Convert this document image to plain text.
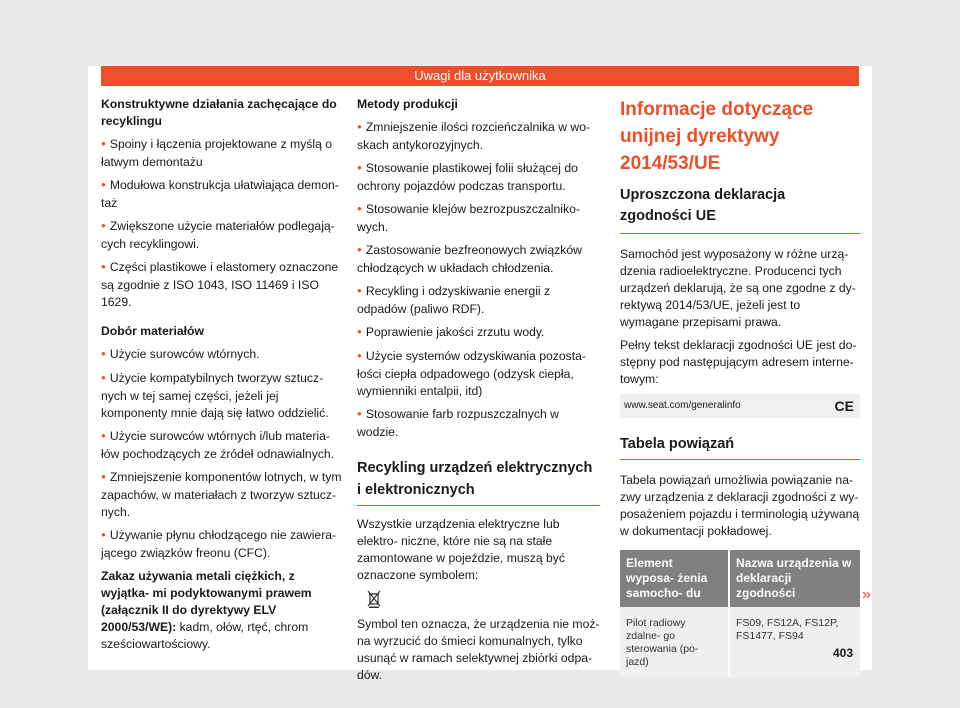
Uwagi dla użytkownika

Konstruktywne działania zachęcające do recyklingu

● Spoiny i łączenia projektowane z myślą o łatwym demontażu

● Modułowa konstrukcja ułatwiająca demon- taż

● Zwiększone użycie materiałów podlegają- cych recyklingowi.

● Części plastikowe i elastomery oznaczone są zgodnie z ISO 1043, ISO 11469 i ISO 1629.

Dobór materiałów

● Użycie surowców wtórnych.

● Użycie kompatybilnych tworzyw sztucz- nych w tej samej części, jeżeli jej komponenty mnie dają się łatwo oddzielić.

● Użycie surowców wtórnych i/lub materia- łów pochodzących ze źródeł odnawialnych.

● Zmniejszenie komponentów lotnych, w tym zapachów, w materiałach z tworzyw sztucz- nych.

● Używanie płynu chłodzącego nie zawiera- jącego związków freonu (CFC).

Zakaz używania metali ciężkich, z wyjątka- mi podyktowanymi prawem (załącznik II do dyrektywy ELV 2000/53/WE): kadm, ołów, rtęć, chrom sześciowartościowy.

Metody produkcji

● Zmniejszenie ilości rozcieńczalnika w wo- skach antykorozyjnych.

● Stosowanie plastikowej folii służącej do ochrony pojazdów podczas transportu.

● Stosowanie klejów bezrozpuszczalniko- wych.

● Zastosowanie bezfreonowych związków chłodzących w układach chłodzenia.

● Recykling i odzyskiwanie energii z odpadów (paliwo RDF).

● Poprawienie jakości zrzutu wody.

● Użycie systemów odzyskiwania pozosta- łości ciepła odpadowego (odzysk ciepła, wymienniki entalpii, itd)

● Stosowanie farb rozpuszczalnych w wodzie.

Recykling urządzeń elektrycznych i elektronicznych

Wszystkie urządzenia elektryczne lub elektro- niczne, które nie są na stałe zamontowane w pojeździe, muszą być oznaczone symbolem:

Symbol ten oznacza, że urządzenia nie moż- na wyrzucić do śmieci komunalnych, tylko usunąć w ramach selektywnej zbiórki odpa- dów.

Informacje dotyczące unijnej dyrektywy 2014/53/UE
Uproszczona deklaracja zgodności UE

Samochód jest wyposażony w różne urzą- dzenia radioelektryczne. Producenci tych urządzeń deklarują, że są one zgodne z dy- rektywą 2014/53/UE, jeżeli jest to wymagane przepisami prawa.

Pełny tekst deklaracji zgodności UE jest do- stępny pod następującym adresem interne- towym:

www.seat.com/generalinfo	CE
Tabela powiązań

Tabela powiązań umożliwia powiązanie na- zwy urządzenia z deklaracji zgodności z wy- posażeniem pojazdu i terminologią używaną w dokumentacji pokładowej.

Element wyposa- żenia samocho- du	Nazwa urządzenia w deklaracji zgodności
Pilot radiowy zdalne- go sterowania (po- jazd)	FS09, FS12A, FS12P, FS1477, FS94
»
403
